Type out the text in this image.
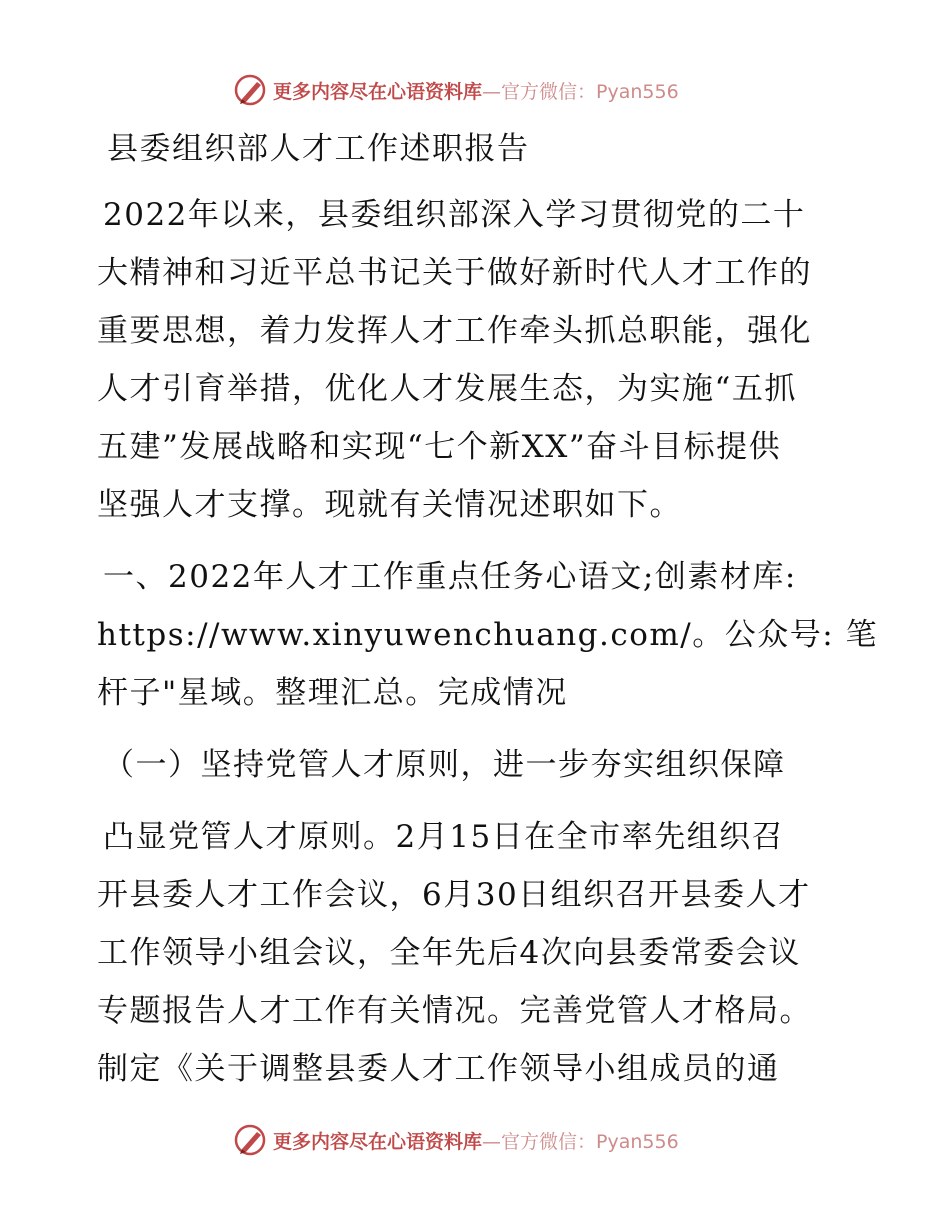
更多内容尽在心语资料库—官方微信：Pyan556
县委组织部人才工作述职报告
2022年以来，县委组织部深入学习贯彻党的二十
大精神和习近平总书记关于做好新时代人才工作的
重要思想，着力发挥人才工作牵头抓总职能，强化
人才引育举措，优化人才发展生态，为实施“五抓
五建”发展战略和实现“七个新XX”奋斗目标提供
坚强人才支撑。现就有关情况述职如下。
一、2022年人才工作重点任务心语文;创素材库:
https://www.xinyuwenchuang.com/。公众号: 笔
杆子"星域。整理汇总。完成情况
（一）坚持党管人才原则，进一步夯实组织保障
凸显党管人才原则。2月15日在全市率先组织召
开县委人才工作会议，6月30日组织召开县委人才
工作领导小组会议，全年先后4次向县委常委会议
专题报告人才工作有关情况。完善党管人才格局。
制定《关于调整县委人才工作领导小组成员的通
更多内容尽在心语资料库—官方微信：Pyan556
